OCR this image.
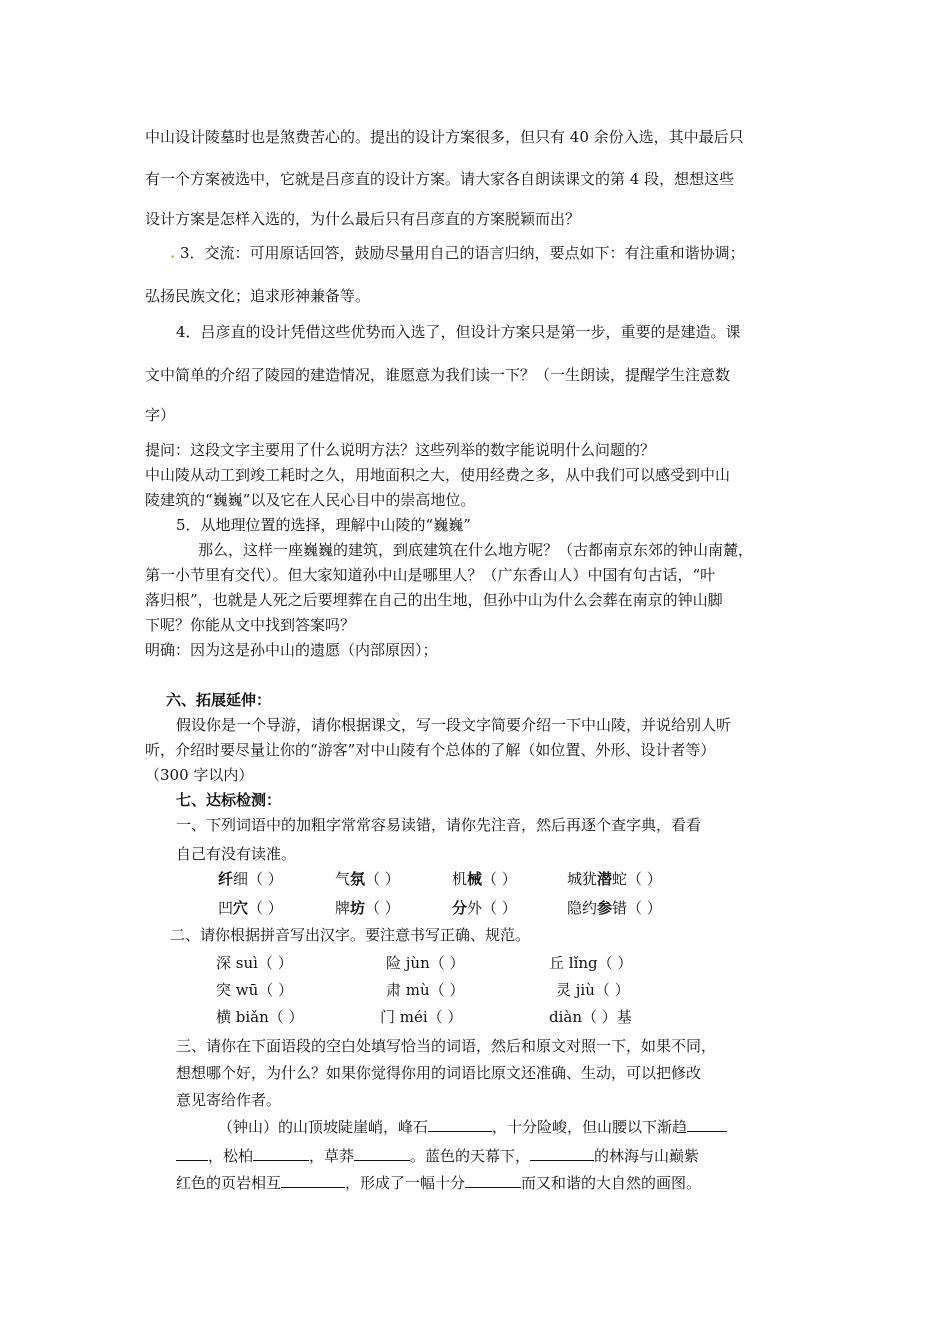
中山设计陵墓时也是煞费苦心的。提出的设计方案很多，但只有 40 余份入选，其中最后只
有一个方案被选中，它就是吕彦直的设计方案。请大家各自朗读课文的第 4 段，想想这些
设计方案是怎样入选的，为什么最后只有吕彦直的方案脱颖而出？
. 3．交流：可用原话回答，鼓励尽量用自己的语言归纳，要点如下：有注重和谐协调；
弘扬民族文化；追求形神兼备等。
4．吕彦直的设计凭借这些优势而入选了，但设计方案只是第一步，重要的是建造。课
文中简单的介绍了陵园的建造情况，谁愿意为我们读一下？（一生朗读，提醒学生注意数
字）
提问：这段文字主要用了什么说明方法？这些列举的数字能说明什么问题的？
中山陵从动工到竣工耗时之久，用地面积之大，使用经费之多，从中我们可以感受到中山
陵建筑的“巍巍”以及它在人民心目中的崇高地位。
5．从地理位置的选择，理解中山陵的“巍巍”
那么，这样一座巍巍的建筑，到底建筑在什么地方呢？（古都南京东郊的钟山南麓，
第一小节里有交代）。但大家知道孙中山是哪里人？（广东香山人）中国有句古话，“叶
落归根”，也就是人死之后要埋葬在自己的出生地，但孙中山为什么会葬在南京的钟山脚
下呢？你能从文中找到答案吗？
明确：因为这是孙中山的遗愿（内部原因）；
六、拓展延伸：
假设你是一个导游，请你根据课文，写一段文字简要介绍一下中山陵，并说给别人听
听，介绍时要尽量让你的“游客”对中山陵有个总体的了解（如位置、外形、设计者等）
（300 字以内）
七、达标检测：
一、下列词语中的加粗字常常容易读错，请你先注音，然后再逐个查字典，看看
自己有没有读准。
纤细（ ）	气氛（ ）	机械（ ）	城犹潜蛇（ ）
凹穴（ ）	牌坊（ ）	分外（ ）	隐约参错（ ）
二、请你根据拼音写出汉字。要注意书写正确、规范。
深 suì（ ）	险 jùn（ ）	丘 lǐng（ ）
突 wū（ ）	肃 mù（ ）	灵 jiù（ ）
横 biǎn（ ）	门 méi（ ）	diàn（ ）基
三、请你在下面语段的空白处填写恰当的词语，然后和原文对照一下，如果不同，
想想哪个好，为什么？如果你觉得你用的词语比原文还准确、生动，可以把修改
意见寄给作者。
（钟山）的山顶坡陡崖峭，峰石	，十分险峻，但山腰以下渐趋
，松柏	，草莽	。蓝色的天幕下，	的林海与山巅紫
红色的页岩相互	，形成了一幅十分	而又和谐的大自然的画图。
